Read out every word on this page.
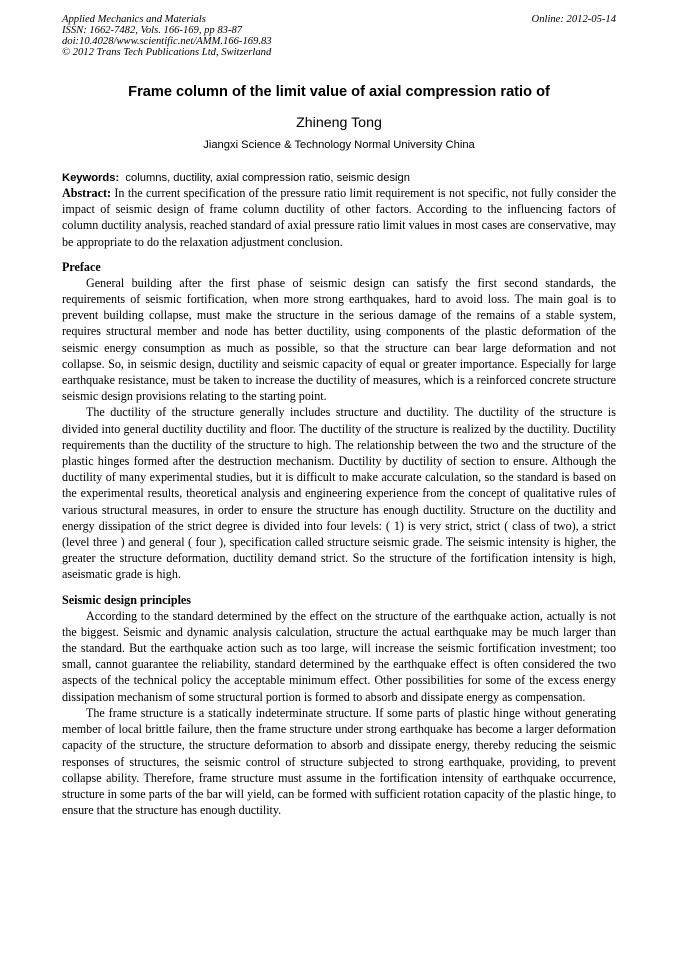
Applied Mechanics and Materials
ISSN: 1662-7482, Vols. 166-169, pp 83-87
doi:10.4028/www.scientific.net/AMM.166-169.83
© 2012 Trans Tech Publications Ltd, Switzerland
Online: 2012-05-14
Frame column of the limit value of axial compression ratio of
Zhineng Tong
Jiangxi Science & Technology Normal University China
Keywords: columns, ductility, axial compression ratio, seismic design

Abstract: In the current specification of the pressure ratio limit requirement is not specific, not fully consider the impact of seismic design of frame column ductility of other factors. According to the influencing factors of column ductility analysis, reached standard of axial pressure ratio limit values in most cases are conservative, may be appropriate to do the relaxation adjustment conclusion.

Preface

General building after the first phase of seismic design can satisfy the first second standards, the requirements of seismic fortification, when more strong earthquakes, hard to avoid loss. The main goal is to prevent building collapse, must make the structure in the serious damage of the remains of a stable system, requires structural member and node has better ductility, using components of the plastic deformation of the seismic energy consumption as much as possible, so that the structure can bear large deformation and not collapse. So, in seismic design, ductility and seismic capacity of equal or greater importance. Especially for large earthquake resistance, must be taken to increase the ductility of measures, which is a reinforced concrete structure seismic design provisions relating to the starting point.

The ductility of the structure generally includes structure and ductility. The ductility of the structure is divided into general ductility ductility and floor. The ductility of the structure is realized by the ductility. Ductility requirements than the ductility of the structure to high. The relationship between the two and the structure of the plastic hinges formed after the destruction mechanism. Ductility by ductility of section to ensure. Although the ductility of many experimental studies, but it is difficult to make accurate calculation, so the standard is based on the experimental results, theoretical analysis and engineering experience from the concept of qualitative rules of various structural measures, in order to ensure the structure has enough ductility. Structure on the ductility and energy dissipation of the strict degree is divided into four levels: ( 1) is very strict, strict ( class of two), a strict (level three ) and general ( four ), specification called structure seismic grade. The seismic intensity is higher, the greater the structure deformation, ductility demand strict. So the structure of the fortification intensity is high, aseismatic grade is high.

Seismic design principles

According to the standard determined by the effect on the structure of the earthquake action, actually is not the biggest. Seismic and dynamic analysis calculation, structure the actual earthquake may be much larger than the standard. But the earthquake action such as too large, will increase the seismic fortification investment; too small, cannot guarantee the reliability, standard determined by the earthquake effect is often considered the two aspects of the technical policy the acceptable minimum effect. Other possibilities for some of the excess energy dissipation mechanism of some structural portion is formed to absorb and dissipate energy as compensation.

The frame structure is a statically indeterminate structure. If some parts of plastic hinge without generating member of local brittle failure, then the frame structure under strong earthquake has become a larger deformation capacity of the structure, the structure deformation to absorb and dissipate energy, thereby reducing the seismic responses of structures, the seismic control of structure subjected to strong earthquake, providing, to prevent collapse ability. Therefore, frame structure must assume in the fortification intensity of earthquake occurrence, structure in some parts of the bar will yield, can be formed with sufficient rotation capacity of the plastic hinge, to ensure that the structure has enough ductility.
